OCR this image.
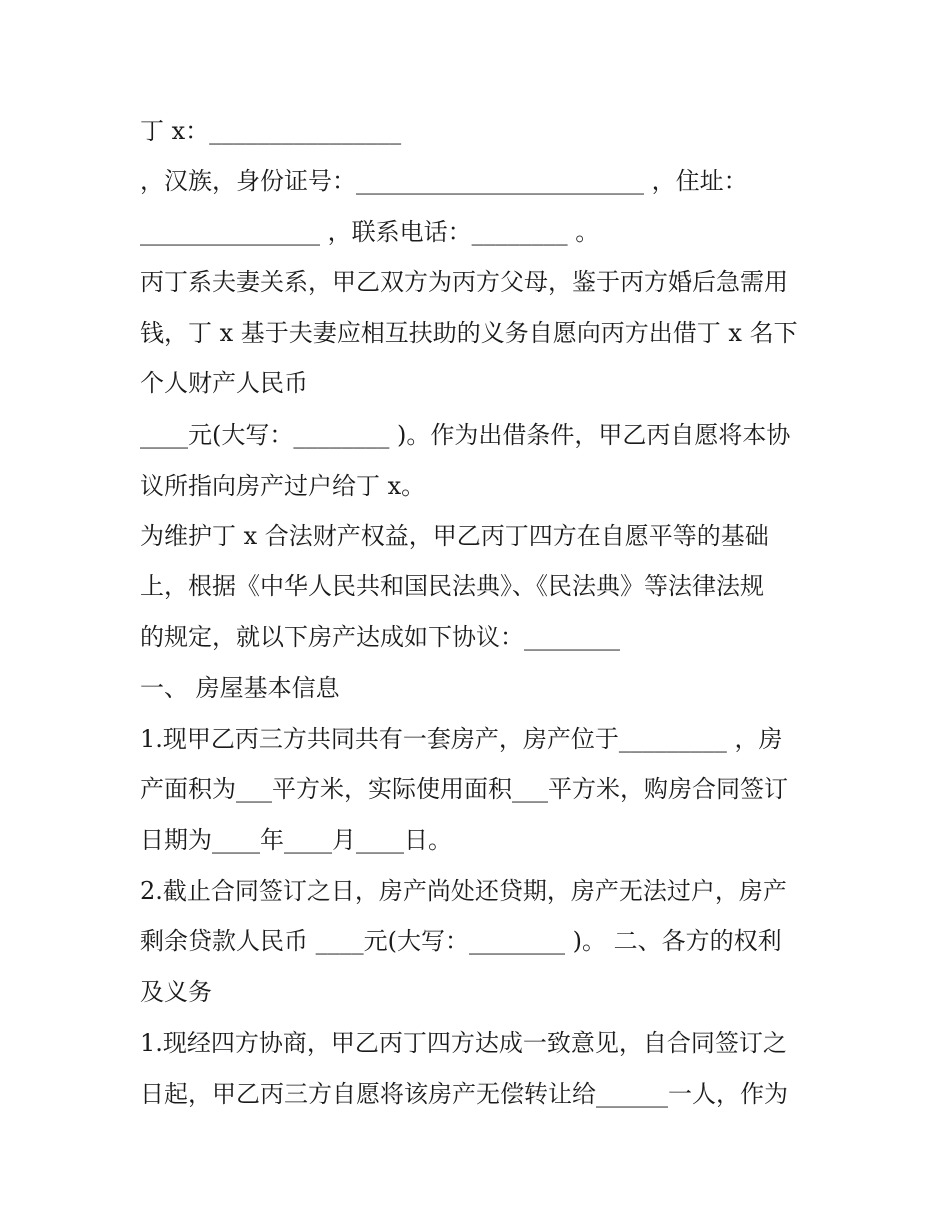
丁 x：________________
，汉族，身份证号：________________________ ，住址：
_______________ ，联系电话：________ 。
丙丁系夫妻关系，甲乙双方为丙方父母，鉴于丙方婚后急需用
钱，丁 x 基于夫妻应相互扶助的义务自愿向丙方出借丁 x 名下
个人财产人民币
____元(大写：________ )。作为出借条件，甲乙丙自愿将本协
议所指向房产过户给丁 x。
为维护丁 x 合法财产权益，甲乙丙丁四方在自愿平等的基础
上，根据《中华人民共和国民法典》、《民法典》等法律法规
的规定，就以下房产达成如下协议：________
一、 房屋基本信息
1.现甲乙丙三方共同共有一套房产，房产位于_________ ，房
产面积为___平方米，实际使用面积___平方米，购房合同签订
日期为____年____月____日。
2.截止合同签订之日，房产尚处还贷期，房产无法过户，房产
剩余贷款人民币 ____元(大写：________ )。 二、各方的权利
及义务
1.现经四方协商，甲乙丙丁四方达成一致意见，自合同签订之
日起，甲乙丙三方自愿将该房产无偿转让给______一人，作为
